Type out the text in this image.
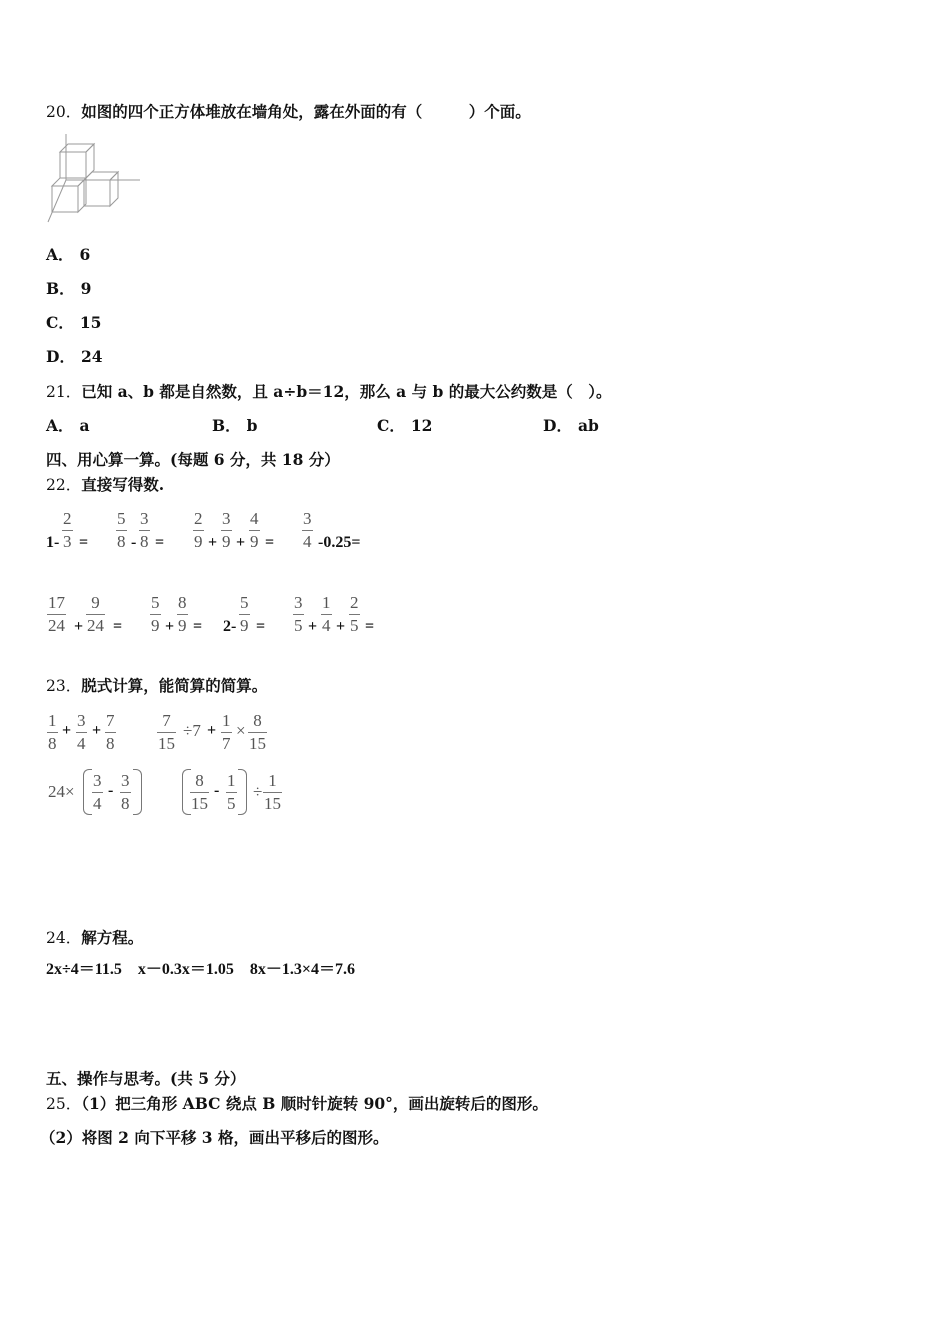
20．如图的四个正方体堆放在墙角处，露在外面的有（　　　）个面。
A． 6
B． 9
C． 15
D． 24
21．已知 a、b 都是自然数，且 a÷b＝12，那么 a 与 b 的最大公约数是（　）。
A． a	B． b	C． 12	D． ab
四、用心算一算。(每题 6 分，共 18 分）
22．直接写得数.
$1- \frac{2}{3} = \frac{5}{8} - \frac{3}{8} = \frac{2}{9} + \frac{3}{9} + \frac{4}{9} = \frac{3}{4} -0.25=$
$\frac{17}{24} + \frac{9}{24} = \frac{5}{9} + \frac{8}{9} = 2- \frac{5}{9} = \frac{3}{5} + \frac{1}{4} + \frac{2}{5}$ =
23．脱式计算，能简算的简算。
$\frac{1}{8} + \frac{3}{4} + \frac{7}{8} \frac{7}{15} \div 7 + \frac{1}{7} \times \frac{8}{15}$
$24\times \frac{3}{4} - \frac{3}{8}$	$\frac{8}{15} - \frac{1}{5} \div \frac{1}{15}$
24．解方程。
2x÷4＝11.5　x－0.3x＝1.05　8x－1.3×4＝7.6
五、操作与思考。(共 5 分）
25．（1）把三角形 ABC 绕点 B 顺时针旋转 90°，画出旋转后的图形。
（2）将图 2 向下平移 3 格，画出平移后的图形。
